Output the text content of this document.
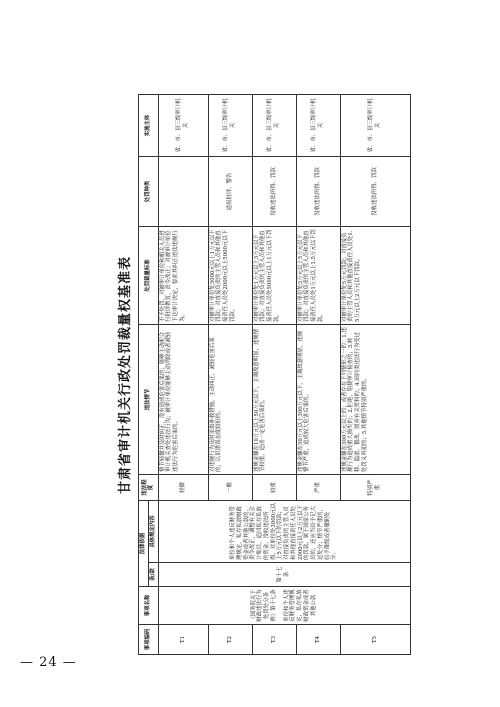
甘肃省审计机关行政处罚裁量权基准表
事项编码	事项名称	法律依据		违法程度	违法情节	处罚裁量标准	处罚种类	实施主体
		条/款	具体规定内容					
T1	《国务院关于财政违法行为处罚处分条例》第十七条 单位和个人违反财务管理规定，私存私放财政资金或者其他公款	第十七条	单位和个人违反财务管理规定，私存私放财政资金或者其他公款的，责令改正，调整有关会计账目，追回私存私放的资金，没收违法所得。对单位处3000元以上5万元以下的罚款；对直接负责的主管人员和其他直接责任人员处2000元以上2万元以下的罚款。属于国家公务员的，还应当给予记大过处分；情节严重的，给予降级或者撤职处分。	轻微	情节轻微并及时纠正，没有造成危害后果的；能够主动配合审计机关查处违法行为；被审计单位能够主动消除或者减轻违法行为危害后果的。	不予处罚，对被审计单位和相关人员进行批评教育，责令改正；对被审计单位下达审计决定，要求其纠正违法违规行为。		省、市、县三级审计机关
T2				一般	对违规行为及时采取补救措施，主动纠正，减轻危害后果的；认识错误态度较好的。	对被审计单位处3000元以上1万元以下罚款；对直接负责的主管人员和其他直接责任人员处2000元以上5000元以下罚款。	通报批评、警告	省、市、县三级审计机关
T3				较重	违规金额在10万元以上50万元以下，主观故意明显，违规情节较重，造成一定危害后果的。	对被审计单位处1万元以上3万元以下罚款；对直接负责的主管人员和其他直接责任人员处5000元以上1万元以下罚款。	没收违法所得、罚款	省、市、县三级审计机关
T4				严重	违规金额在50万元以上300万元以下，主观故意明显，违规情节严重，造成较大危害后果的。	对被审计单位处3万元以上5万元以下罚款；对直接负责的主管人员和其他直接责任人员处1万元以上1.5万元以下罚款。	没收违法所得、罚款	省、市、县三级审计机关
T5				特别严重	违规金额在300万元以上的；或者存在下列情形之一的：1.违规行为造成重大损失的；2.拒绝、阻挠审计检查的；3.转移、隐匿、篡改、毁弃有关资料的；4.因同类违法行为受过处罚又再犯的；5.其他情节特别严重的。	对被审计单位处5万元罚款；对直接负责的主管人员和其他直接责任人员处1.5万元以上2万元以下罚款。	没收违法所得、罚款	省、市、县三级审计机关
— 24 —
